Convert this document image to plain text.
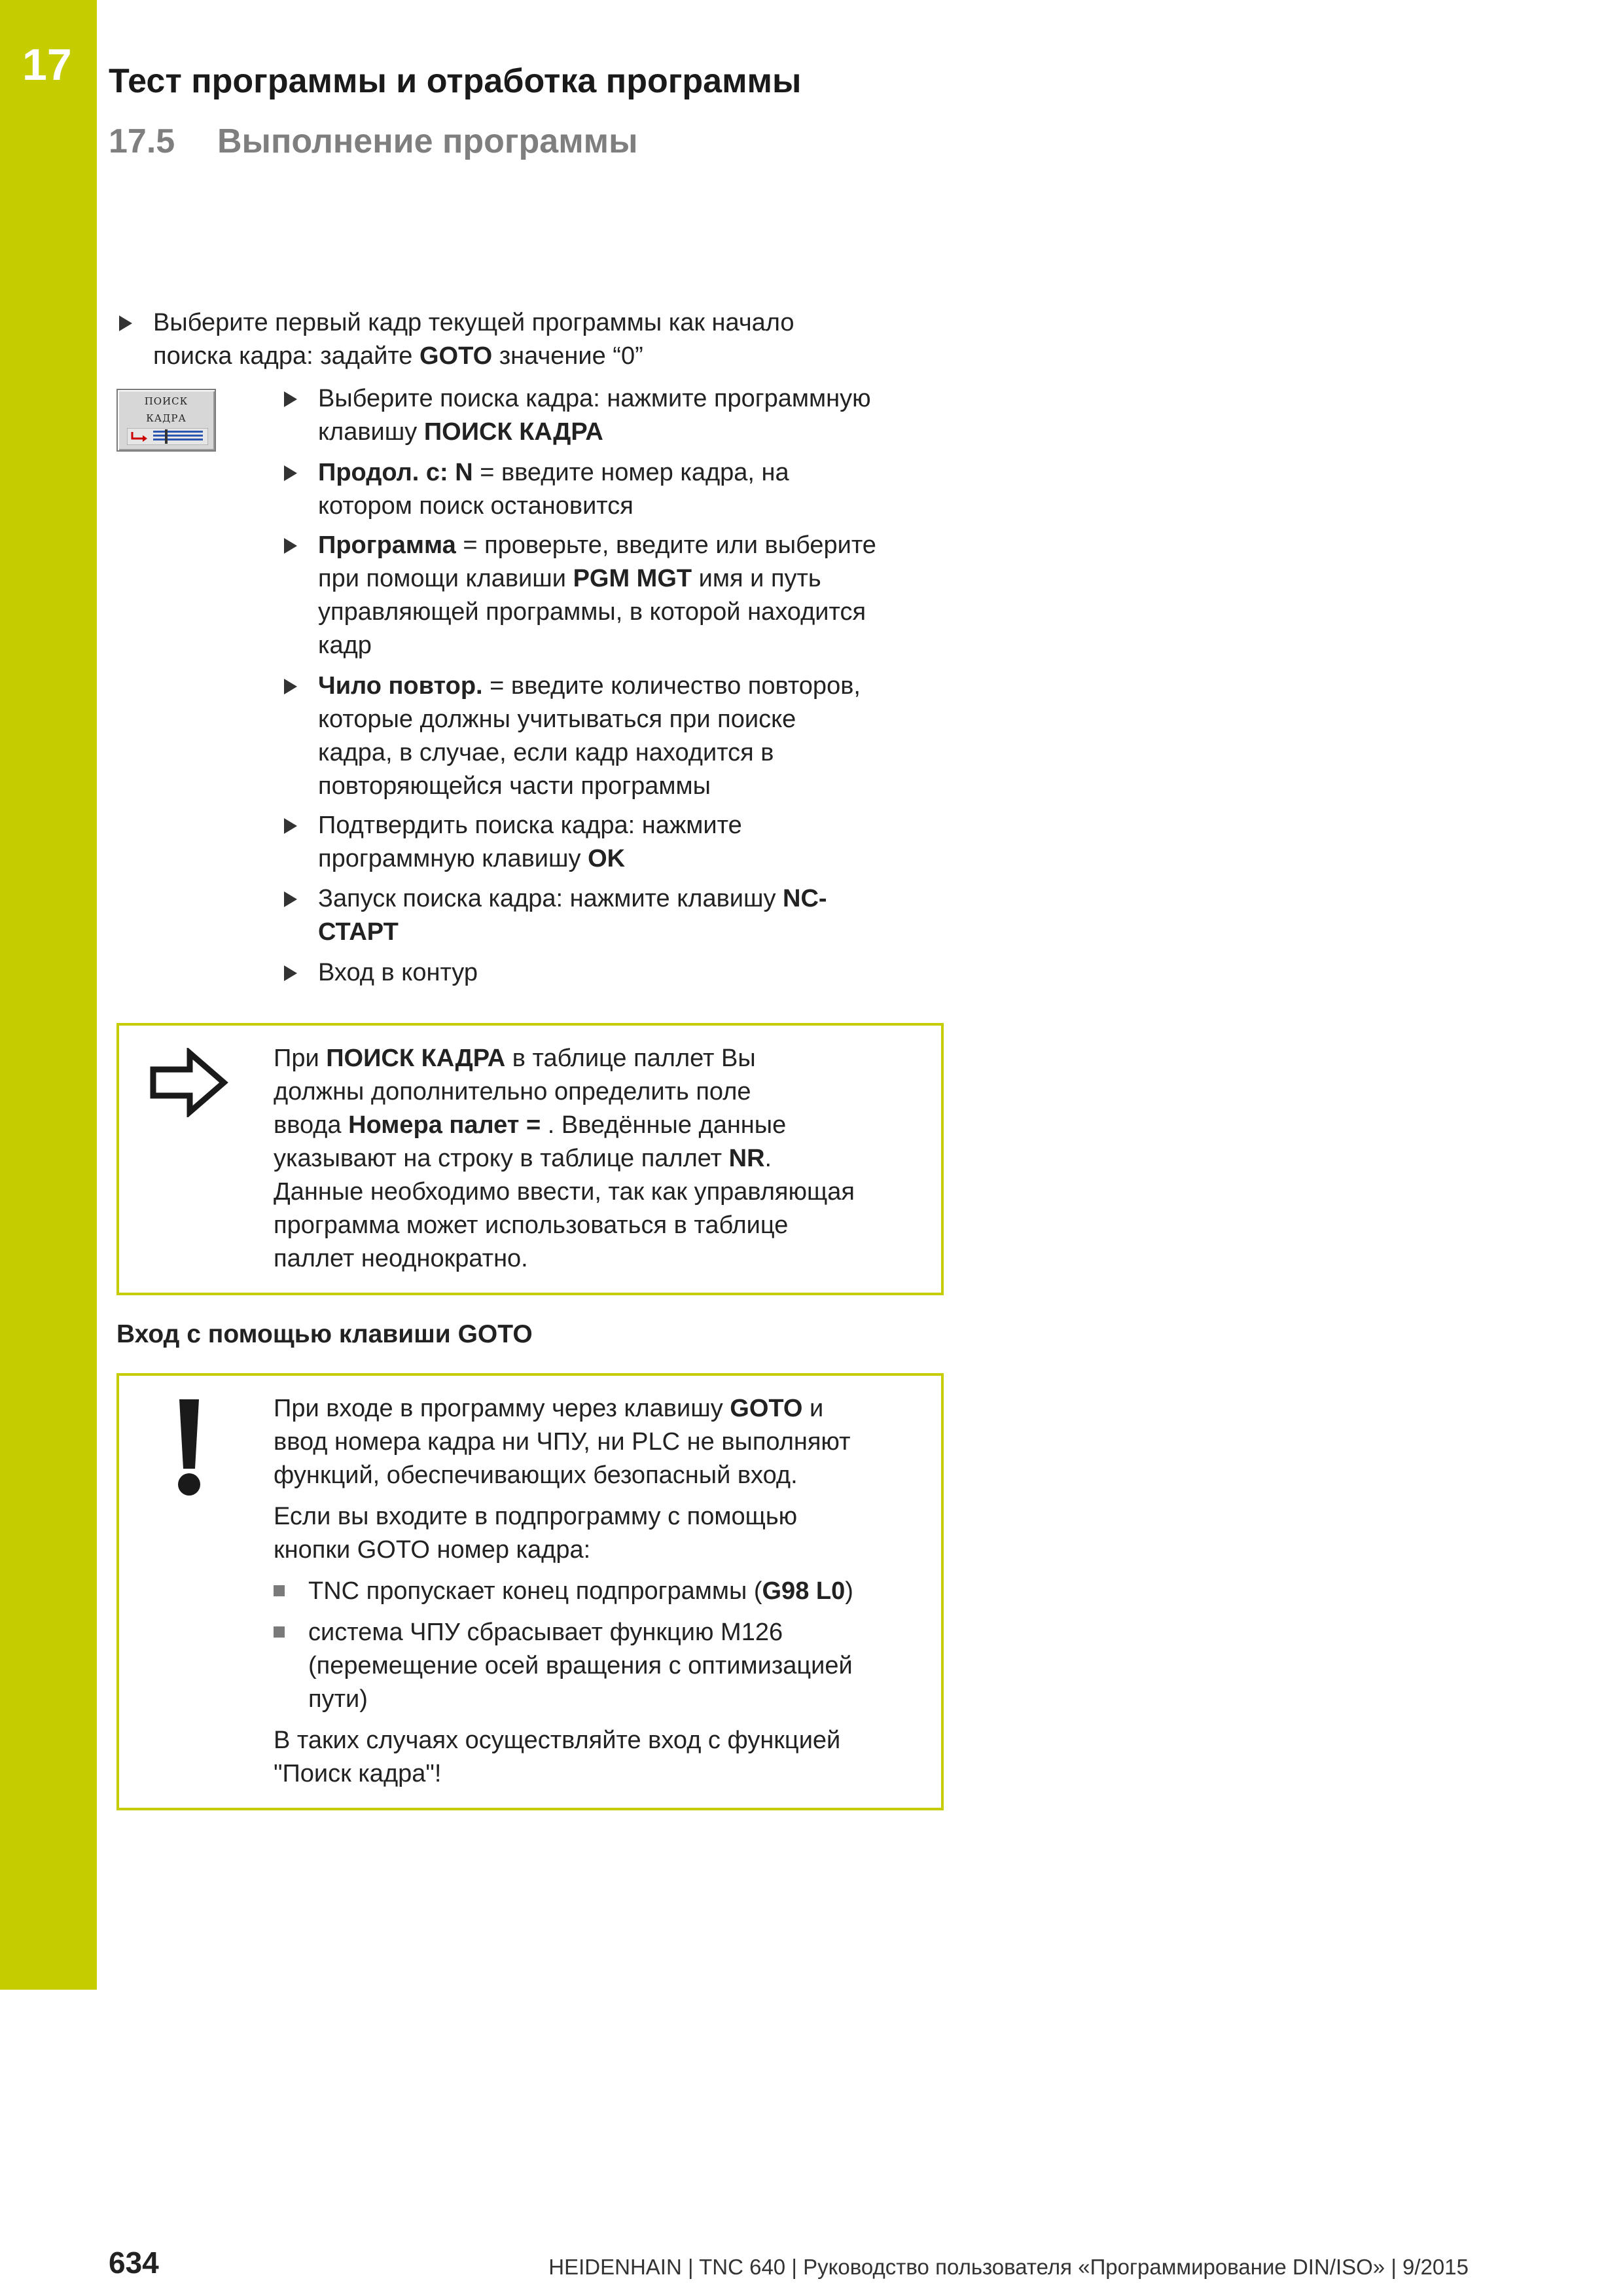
17 Тест программы и отработка программы
17.5 Выполнение программы
Выберите первый кадр текущей программы как начало
поиска кадра: задайте GOTO значение “0”
ПОИСК
КАДРА
Выберите поиска кадра: нажмите программную
клавишу ПОИСК КАДРА
Продол. с: N = введите номер кадра, на
котором поиск остановится
Программа = проверьте, введите или выберите
при помощи клавиши PGM MGT имя и путь
управляющей программы, в которой находится
кадр
Чило повтор. = введите количество повторов,
которые должны учитываться при поиске
кадра, в случае, если кадр находится в
повторяющейся части программы
Подтвердить поиска кадра: нажмите
программную клавишу OK
Запуск поиска кадра: нажмите клавишу NC-
СТАРТ
Вход в контур
При ПОИСК КАДРА в таблице паллет Вы
должны дополнительно определить поле
ввода Номера палет = . Введённые данные
указывают на строку в таблице паллет NR.
Данные необходимо ввести, так как управляющая
программа может использоваться в таблице
паллет неоднократно.
Вход с помощью клавиши GOTO
При входе в программу через клавишу GOTO и
ввод номера кадра ни ЧПУ, ни PLC не выполняют
функций, обеспечивающих безопасный вход.
Если вы входите в подпрограмму с помощью
кнопки GOTO номер кадра:
TNC пропускает конец подпрограммы (G98 L0)
система ЧПУ сбрасывает функцию M126
(перемещение осей вращения с оптимизацией
пути)
В таких случаях осуществляйте вход с функцией
"Поиск кадра"!
634	HEIDENHAIN | TNC 640 | Руководство пользователя «Программирование DIN/ISO» | 9/2015
